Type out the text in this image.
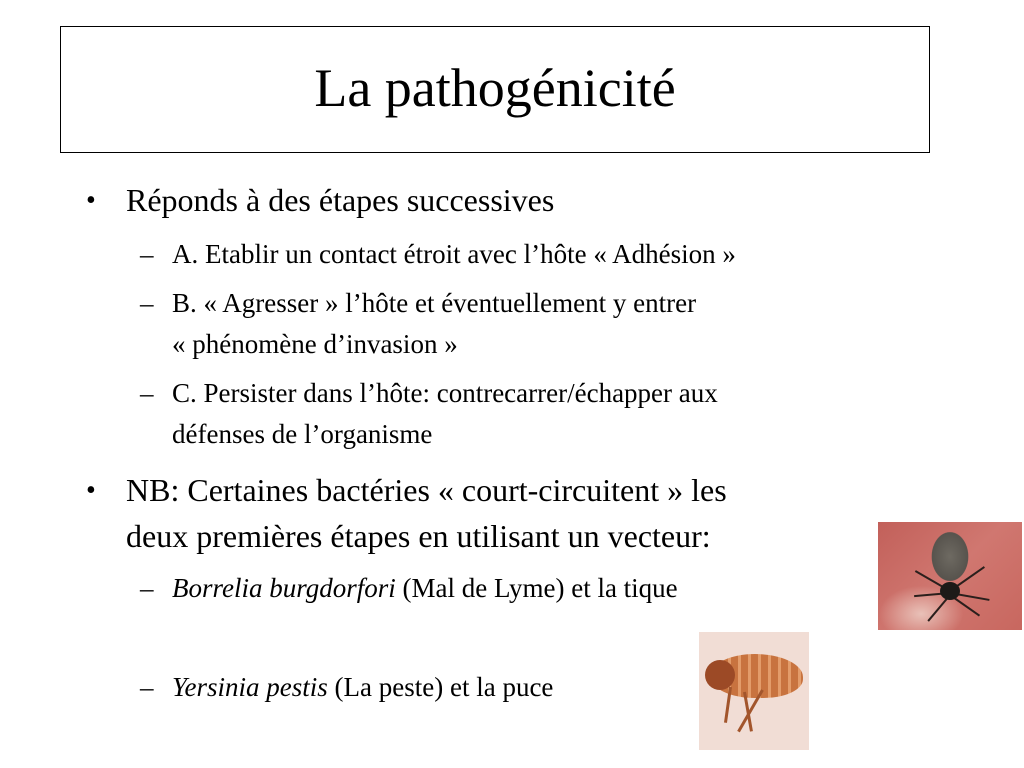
La pathogénicité
• Réponds à des étapes successives
– A. Etablir un contact étroit avec l’hôte « Adhésion »
– B. « Agresser » l’hôte et éventuellement y entrer
« phénomène d’invasion »
– C. Persister dans l’hôte: contrecarrer/échapper aux
défenses de l’organisme
• NB: Certaines bactéries « court-circuitent » les
deux premières étapes en utilisant un vecteur:
– Borrelia burgdorfori (Mal de Lyme) et la tique
– Yersinia pestis (La peste) et la puce
